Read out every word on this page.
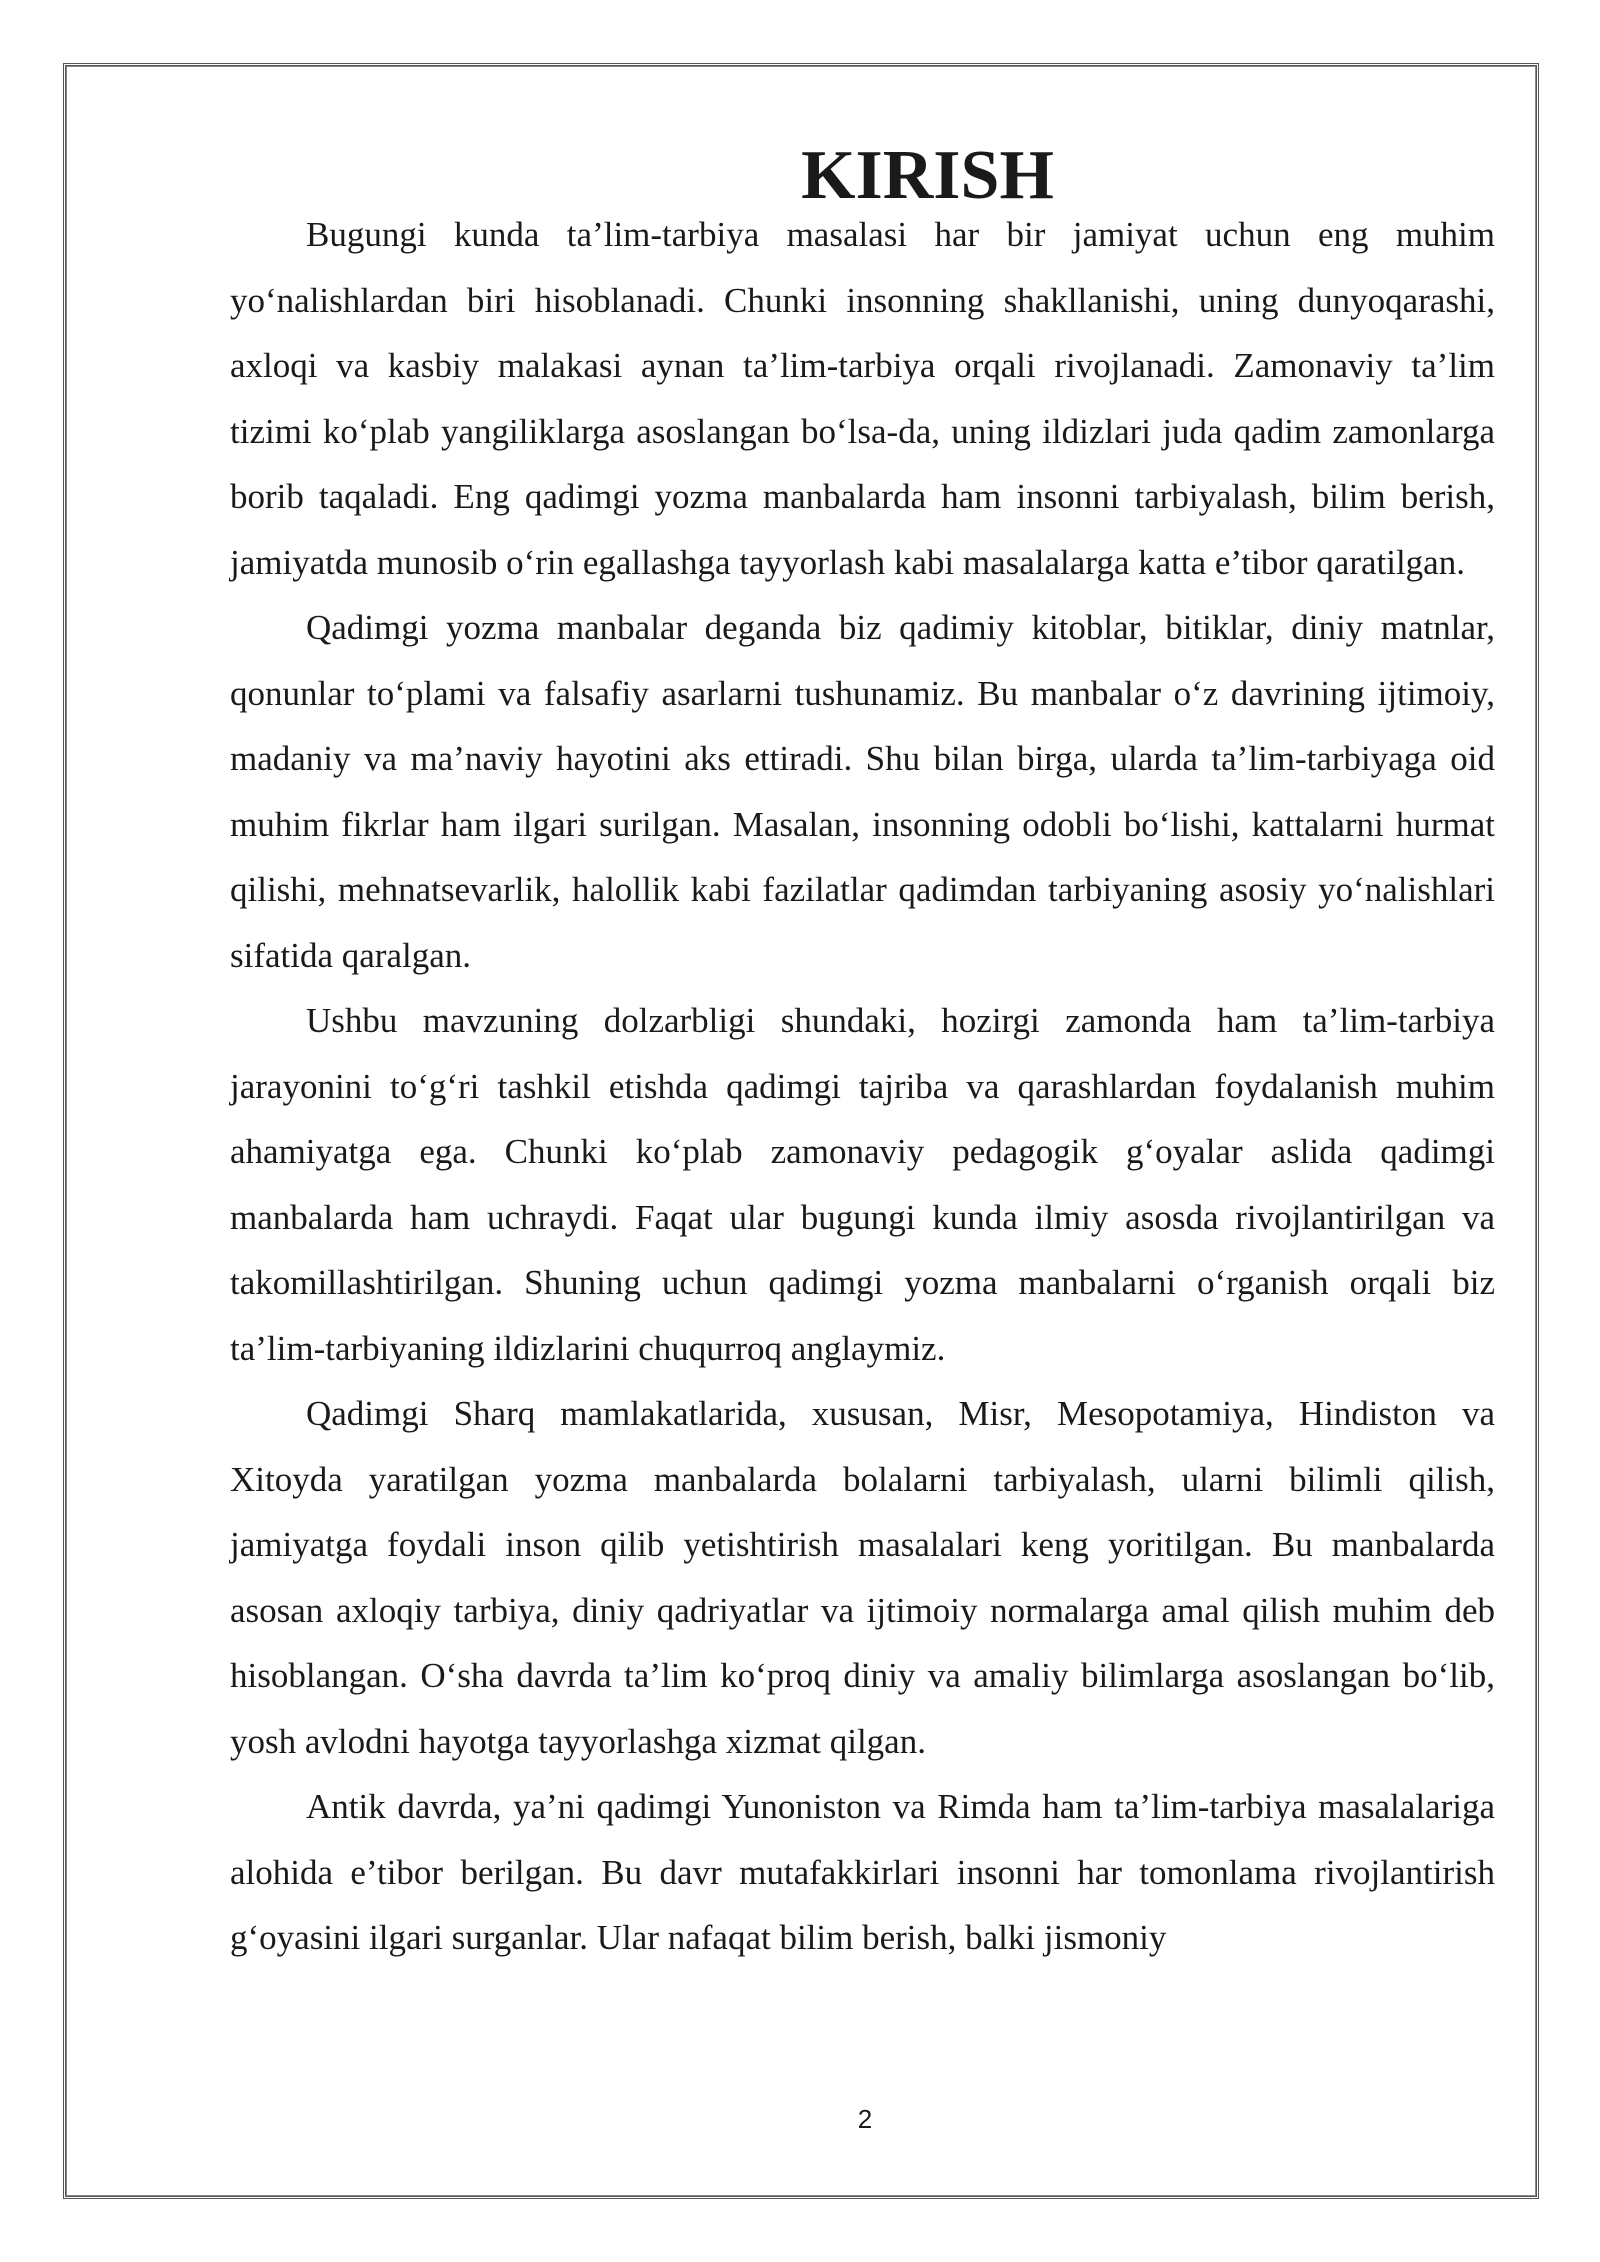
KIRISH

Bugungi kunda ta’lim-tarbiya masalasi har bir jamiyat uchun eng muhim yo‘nalishlardan biri hisoblanadi. Chunki insonning shakllanishi, uning dunyoqarashi, axloqi va kasbiy malakasi aynan ta’lim-tarbiya orqali rivojlanadi. Zamonaviy ta’lim tizimi ko‘plab yangiliklarga asoslangan bo‘lsa-da, uning ildizlari juda qadim zamonlarga borib taqaladi. Eng qadimgi yozma manbalarda ham insonni tarbiyalash, bilim berish, jamiyatda munosib o‘rin egallashga tayyorlash kabi masalalarga katta e’tibor qaratilgan.

Qadimgi yozma manbalar deganda biz qadimiy kitoblar, bitiklar, diniy matnlar, qonunlar to‘plami va falsafiy asarlarni tushunamiz. Bu manbalar o‘z davrining ijtimoiy, madaniy va ma’naviy hayotini aks ettiradi. Shu bilan birga, ularda ta’lim-tarbiyaga oid muhim fikrlar ham ilgari surilgan. Masalan, insonning odobli bo‘lishi, kattalarni hurmat qilishi, mehnatsevarlik, halollik kabi fazilatlar qadimdan tarbiyaning asosiy yo‘nalishlari sifatida qaralgan.

Ushbu mavzuning dolzarbligi shundaki, hozirgi zamonda ham ta’lim-tarbiya jarayonini to‘g‘ri tashkil etishda qadimgi tajriba va qarashlardan foydalanish muhim ahamiyatga ega. Chunki ko‘plab zamonaviy pedagogik g‘oyalar aslida qadimgi manbalarda ham uchraydi. Faqat ular bugungi kunda ilmiy asosda rivojlantirilgan va takomillashtirilgan. Shuning uchun qadimgi yozma manbalarni o‘rganish orqali biz ta’lim-tarbiyaning ildizlarini chuqurroq anglaymiz.

Qadimgi Sharq mamlakatlarida, xususan, Misr, Mesopotamiya, Hindiston va Xitoyda yaratilgan yozma manbalarda bolalarni tarbiyalash, ularni bilimli qilish, jamiyatga foydali inson qilib yetishtirish masalalari keng yoritilgan. Bu manbalarda asosan axloqiy tarbiya, diniy qadriyatlar va ijtimoiy normalarga amal qilish muhim deb hisoblangan. O‘sha davrda ta’lim ko‘proq diniy va amaliy bilimlarga asoslangan bo‘lib, yosh avlodni hayotga tayyorlashga xizmat qilgan.

Antik davrda, ya’ni qadimgi Yunoniston va Rimda ham ta’lim-tarbiya masalalariga alohida e’tibor berilgan. Bu davr mutafakkirlari insonni har tomonlama rivojlantirish g‘oyasini ilgari surganlar. Ular nafaqat bilim berish, balki jismoniy

2
